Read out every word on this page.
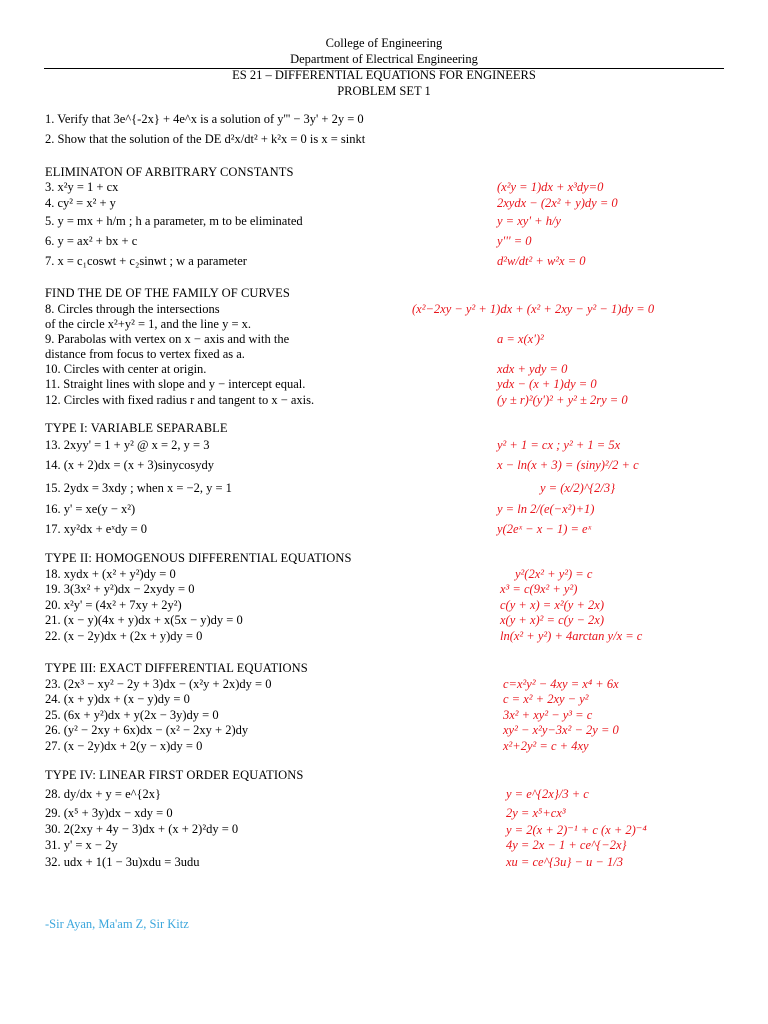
College of Engineering
Department of Electrical Engineering
ES 21 – DIFFERENTIAL EQUATIONS FOR ENGINEERS
PROBLEM SET 1
1. Verify that 3e^{-2x} + 4e^x is a solution of y''' − 3y' + 2y = 0
2. Show that the solution of the DE d²x/dt² + k²x = 0 is x = sinkt
ELIMINATON OF ARBITRARY CONSTANTS
3. x²y = 1 + cx	(x²y = 1)dx + x³dy=0
4. cy² = x² + y	2xydx − (2x² + y)dy = 0
5. y = mx + h/m ; h a parameter, m to be eliminated	y = xy' + h/y
6. y = ax² + bx + c	y''' = 0
7. x = c₁coswt + c₂sinwt ; w a parameter	d²w/dt² + w²x = 0
FIND THE DE OF THE FAMILY OF CURVES
8. Circles through the intersections	(x²−2xy − y² + 1)dx + (x² + 2xy − y² − 1)dy = 0
of the circle x²+y² = 1, and the line y = x.
9. Parabolas with vertex on x − axis and with the	a = x(x')²
distance from focus to vertex fixed as a.
10. Circles with center at origin.	xdx + ydy = 0
11. Straight lines with slope and y − intercept equal.	ydx − (x + 1)dy = 0
12. Circles with fixed radius r and tangent to x − axis.	(y ± r)²(y')² + y² ± 2ry = 0
TYPE I: VARIABLE SEPARABLE
13. 2xyy' = 1 + y² @ x = 2, y = 3	y² + 1 = cx ; y² + 1 = 5x
14. (x + 2)dx = (x + 3)sinycosydy	x − ln(x + 3) = (siny)²/2 + c
15. 2ydx = 3xdy ; when x = −2, y = 1	y = (x/2)^{2/3}
16. y' = xe(y − x²)	y = ln 2/(e(−x²)+1)
17. xy²dx + eˣdy = 0	y(2eˣ − x − 1) = eˣ
TYPE II: HOMOGENOUS DIFFERENTIAL EQUATIONS
18. xydx + (x² + y²)dy = 0	y²(2x² + y²) = c
19. 3(3x² + y²)dx − 2xydy = 0	x³ = c(9x² + y²)
20. x²y' = (4x² + 7xy + 2y²)	c(y + x) = x²(y + 2x)
21. (x − y)(4x + y)dx + x(5x − y)dy = 0	x(y + x)² = c(y − 2x)
22. (x − 2y)dx + (2x + y)dy = 0	ln(x² + y²) + 4arctan y/x = c
TYPE III: EXACT DIFFERENTIAL EQUATIONS
23. (2x³ − xy² − 2y + 3)dx − (x²y + 2x)dy = 0	c=x²y² − 4xy = x⁴ + 6x
24. (x + y)dx + (x − y)dy = 0	c = x² + 2xy − y²
25. (6x + y²)dx + y(2x − 3y)dy = 0	3x² + xy² − y³ = c
26. (y² − 2xy + 6x)dx − (x² − 2xy + 2)dy	xy² − x²y−3x² − 2y = 0
27. (x − 2y)dx + 2(y − x)dy = 0	x²+2y² = c + 4xy
TYPE IV: LINEAR FIRST ORDER EQUATIONS
28. dy/dx + y = e^{2x}	y = e^{2x}/3 + c
29. (x⁵ + 3y)dx − xdy = 0	2y = x⁵+cx³
30. 2(2xy + 4y − 3)dx + (x + 2)²dy = 0	y = 2(x + 2)⁻¹ + c (x + 2)⁻⁴
31. y' = x − 2y	4y = 2x − 1 + ce^{−2x}
32. udx + 1(1 − 3u)xdu = 3udu	xu = ce^{3u} − u − 1/3
-Sir Ayan, Ma'am Z, Sir Kitz
